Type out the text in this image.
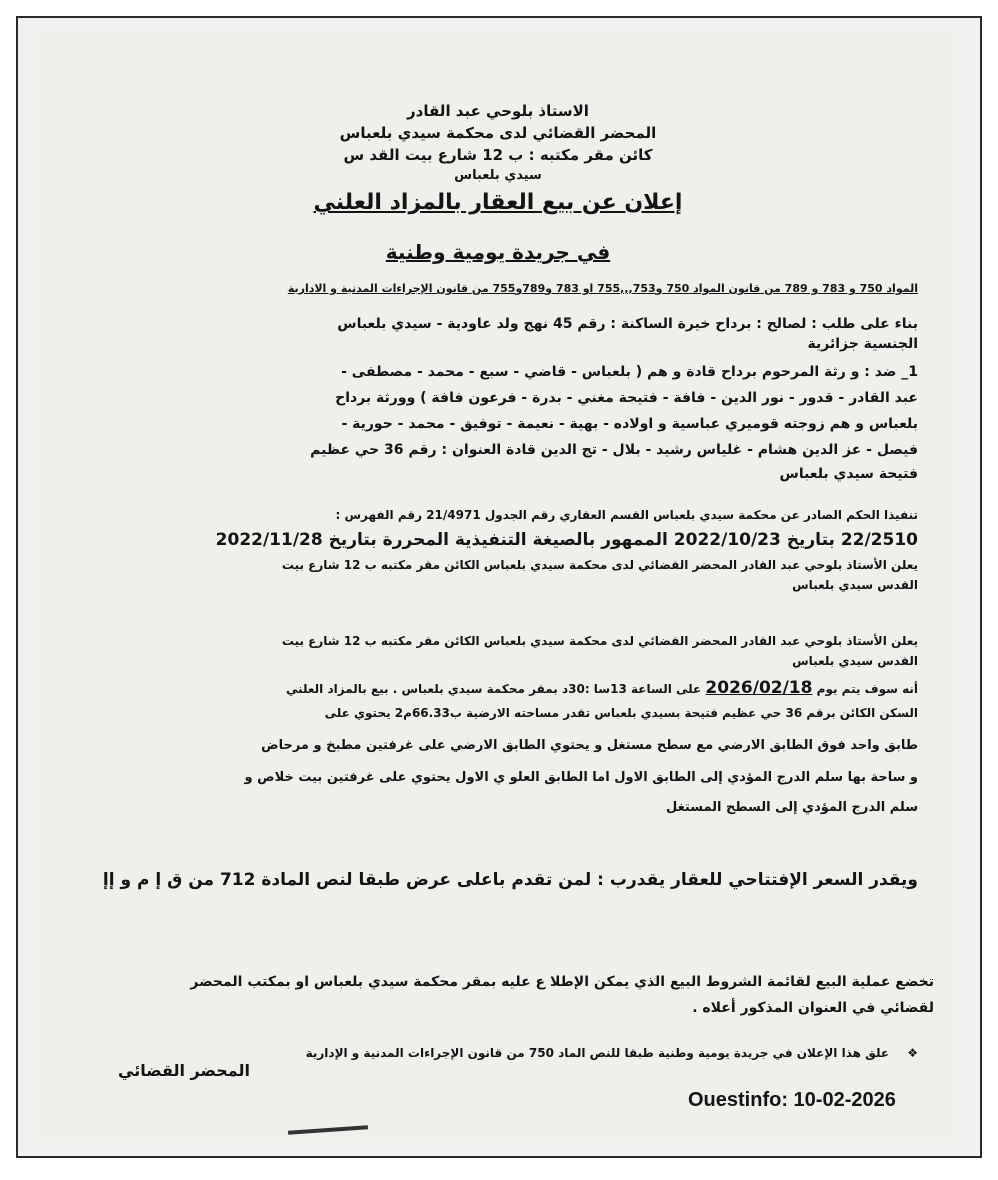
الاستاذ بلوحي عبد القادر
المحضر القضائي لدى محكمة سيدي بلعباس
كائن مقر مكتبه : ب 12 شارع بيت القد س
سيدي بلعباس
إعلان عن بيع العقار بالمزاد العلني
في جريدة يومية وطنية
المواد 750 و 783 و 789 من قانون المواد 750 و753,,,755 او 783 و789و755 من قانون الإجراءات المدنية و الادارية
بناء على طلب : لصالح : برداح خيرة الساكنة : رقم 45 نهج ولد عاودية - سيدي بلعباس
الجنسية جزائرية
1_ ضد : و رثة المرحوم برداح قادة و هم ( بلعباس - قاضي - سبع - محمد - مصطفى -
عبد القادر - قدور - نور الدين - فافة - فتيحة مغني - بدرة - فرعون فافة ) وورثة برداح
بلعباس و هم زوجته قوميري عباسية و اولاده - بهية - نعيمة - توفيق - محمد - حورية -
فيصل - عز الدين هشام - غلياس رشيد - بلال - تج الدين قادة العنوان : رقم 36 حي عظيم
فتيحة سيدي بلعباس
تنفيذا الحكم الصادر عن محكمة سيدي بلعباس القسم العقاري رقم الجدول 21/4971 رقم الفهرس :
22/2510 بتاريخ 2022/10/23 الممهور بالصيغة التنفيذية المحررة بتاريخ 2022/11/28
يعلن الأستاذ بلوحي عبد القادر المحضر القضائي لدى محكمة سيدي بلعباس الكائن مقر مكتبه ب 12 شارع بيت
القدس سيدي بلعباس
يعلن الأستاذ بلوحي عبد القادر المحضر القضائي لدى محكمة سيدي بلعباس الكائن مقر مكتبه ب 12 شارع بيت
القدس سيدي بلعباس
أنه سوف يتم يوم 2026/02/18 على الساعة 13سا :30د بمقر محكمة سيدي بلعباس . بيع بالمزاد العلني
السكن الكائن برقم 36 حي عظيم فتيحة بسيدي بلعباس تقدر مساحته الارضية ب66.33م2 يحتوي على
طابق واحد فوق الطابق الارضي مع سطح مستغل و يحتوي الطابق الارضي على غرفتين مطبخ و مرحاض
و ساحة بها سلم الدرج المؤدي إلى الطابق الاول اما الطابق العلو ي الاول يحتوي على غرفتين بيت خلاص و
سلم الدرج المؤدي إلى السطح المستغل
ويقدر السعر الإفتتاحي للعقار يقدرب : لمن تقدم باعلى عرض طبقا لنص المادة 712 من ق إ م و إإ
تخضع عملية البيع لقائمة الشروط البيع الذي يمكن الإطلا ع عليه بمقر محكمة سيدي بلعباس او بمكتب المحضر
لقضائي في العنوان المذكور أعلاه .
❖ علق هذا الإعلان في جريدة يومية وطنية طبقا للنص الماد 750 من قانون الإجراءات المدنية و الإدارية
المحضر القضائي
Ouestinfo: 10-02-2026
